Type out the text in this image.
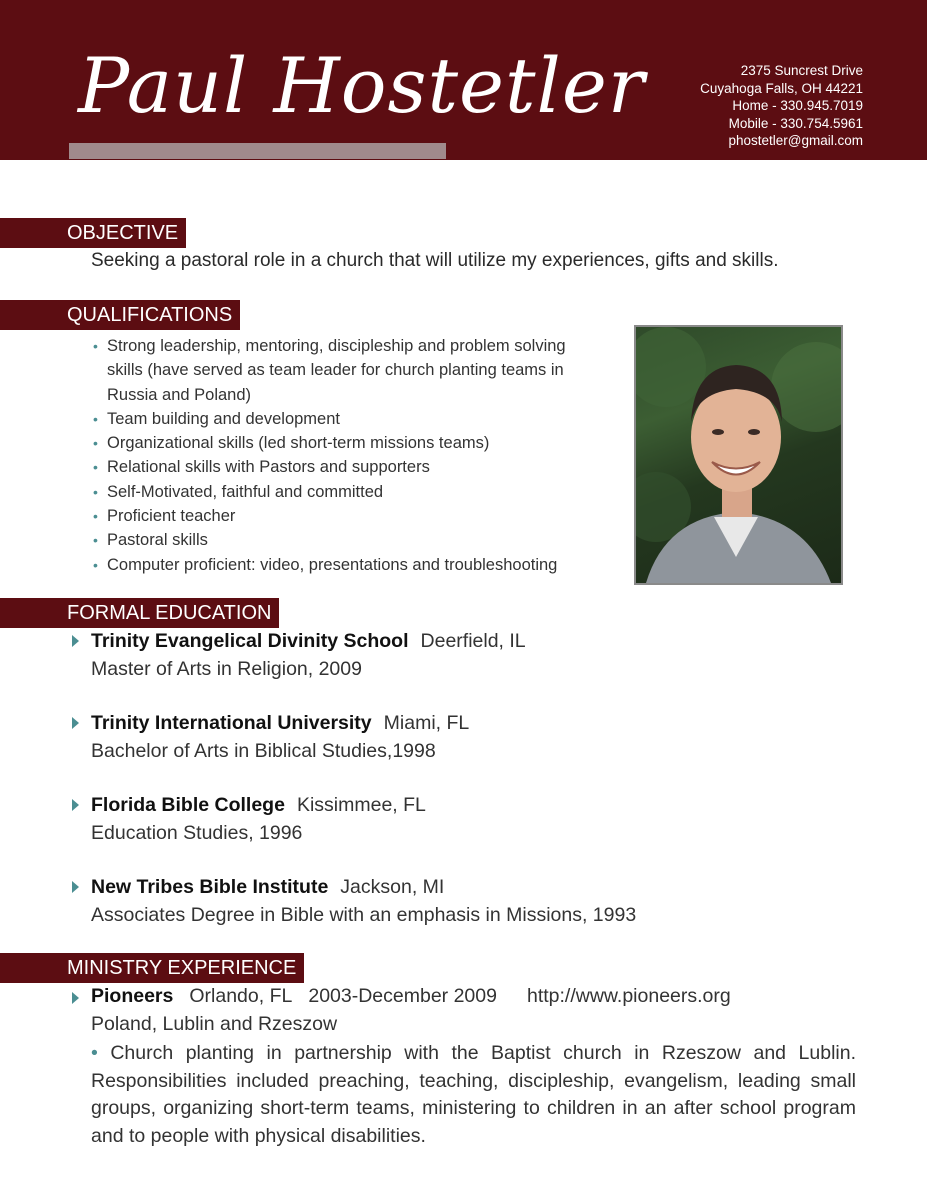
Paul Hostetler	2375 Suncrest Drive
Cuyahoga Falls, OH 44221
Home - 330.945.7019
Mobile - 330.754.5961
phostetler@gmail.com
OBJECTIVE
Seeking a pastoral role in a church that will utilize my experiences, gifts and skills.
QUALIFICATIONS
• Strong leadership, mentoring, discipleship and problem solving skills (have served as team leader for church planting teams in Russia and Poland)
• Team building and development
• Organizational skills (led short-term missions teams)
• Relational skills with Pastors and supporters
• Self-Motivated, faithful and committed
• Proficient teacher
• Pastoral skills
• Computer proficient: video, presentations and troubleshooting
FORMAL EDUCATION
Trinity Evangelical Divinity School Deerfield, IL
Master of Arts in Religion, 2009
Trinity International University Miami, FL
Bachelor of Arts in Biblical Studies,1998
Florida Bible College Kissimmee, FL
Education Studies, 1996
New Tribes Bible Institute Jackson, MI
Associates Degree in Bible with an emphasis in Missions, 1993
MINISTRY EXPERIENCE
Pioneers Orlando, FL 2003-December 2009 http://www.pioneers.org
Poland, Lublin and Rzeszow
• Church planting in partnership with the Baptist church in Rzeszow and Lublin. Responsibilities included preaching, teaching, discipleship, evangelism, leading small groups, organizing short-term teams, ministering to children in an after school program and to people with physical disabilities.
